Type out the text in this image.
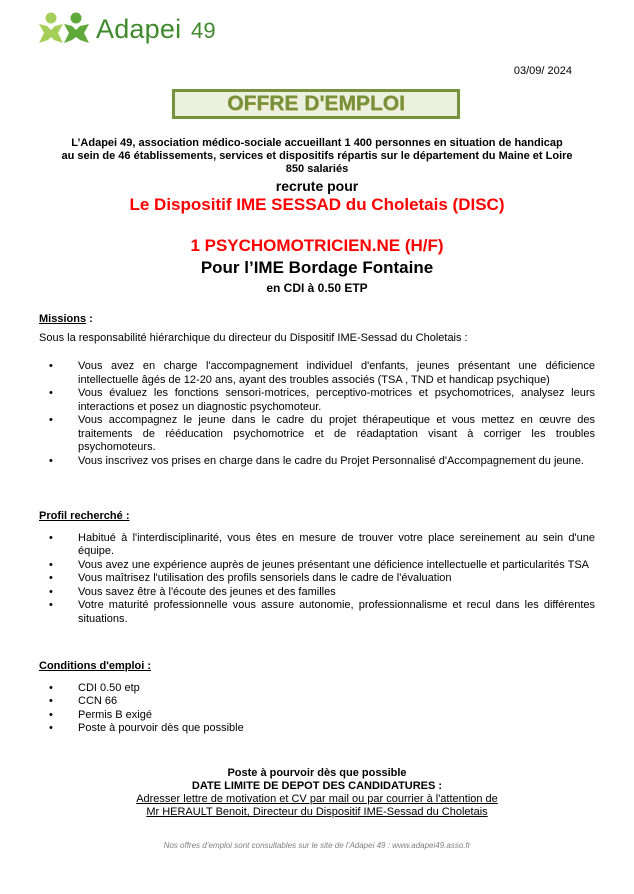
Adapei 49
03/09/ 2024
OFFRE D'EMPLOI
L’Adapei 49, association médico-sociale accueillant 1 400 personnes en situation de handicap
au sein de 46 établissements, services et dispositifs répartis sur le département du Maine et Loire
850 salariés
recrute pour
Le Dispositif IME SESSAD du Choletais (DISC)
1 PSYCHOMOTRICIEN.NE (H/F)
Pour l’IME Bordage Fontaine
en CDI à 0.50 ETP
Missions :

Sous la responsabilité hiérarchique du directeur du Dispositif IME-Sessad du Choletais :

• Vous avez en charge l'accompagnement individuel d'enfants, jeunes présentant une déficience intellectuelle âgés de 12-20 ans, ayant des troubles associés (TSA , TND et handicap psychique)
• Vous évaluez les fonctions sensori-motrices, perceptivo-motrices et psychomotrices, analysez leurs interactions et posez un diagnostic psychomoteur.
• Vous accompagnez le jeune dans le cadre du projet thérapeutique et vous mettez en œuvre des traitements de rééducation psychomotrice et de réadaptation visant à corriger les troubles psychomoteurs.
• Vous inscrivez vos prises en charge dans le cadre du Projet Personnalisé d'Accompagnement du jeune.
Profil recherché :
• Habitué à l'interdisciplinarité, vous êtes en mesure de trouver votre place sereinement au sein d'une équipe.
• Vous avez une expérience auprès de jeunes présentant une déficience intellectuelle et particularités TSA
• Vous maîtrisez l'utilisation des profils sensoriels dans le cadre de l'évaluation
• Vous savez être à l'écoute des jeunes et des familles
• Votre maturité professionnelle vous assure autonomie, professionnalisme et recul dans les différentes situations.
Conditions d'emploi :
• CDI 0.50 etp
• CCN 66
• Permis B exigé
• Poste à pourvoir dès que possible
Poste à pourvoir dès que possible
DATE LIMITE DE DEPOT DES CANDIDATURES :
Adresser lettre de motivation et CV par mail ou par courrier à l'attention de
Mr HERAULT Benoit, Directeur du Dispositif IME-Sessad du Choletais
Nos offres d’emploi sont consultables sur le site de l’Adapei 49 : www.adapei49.asso.fr
